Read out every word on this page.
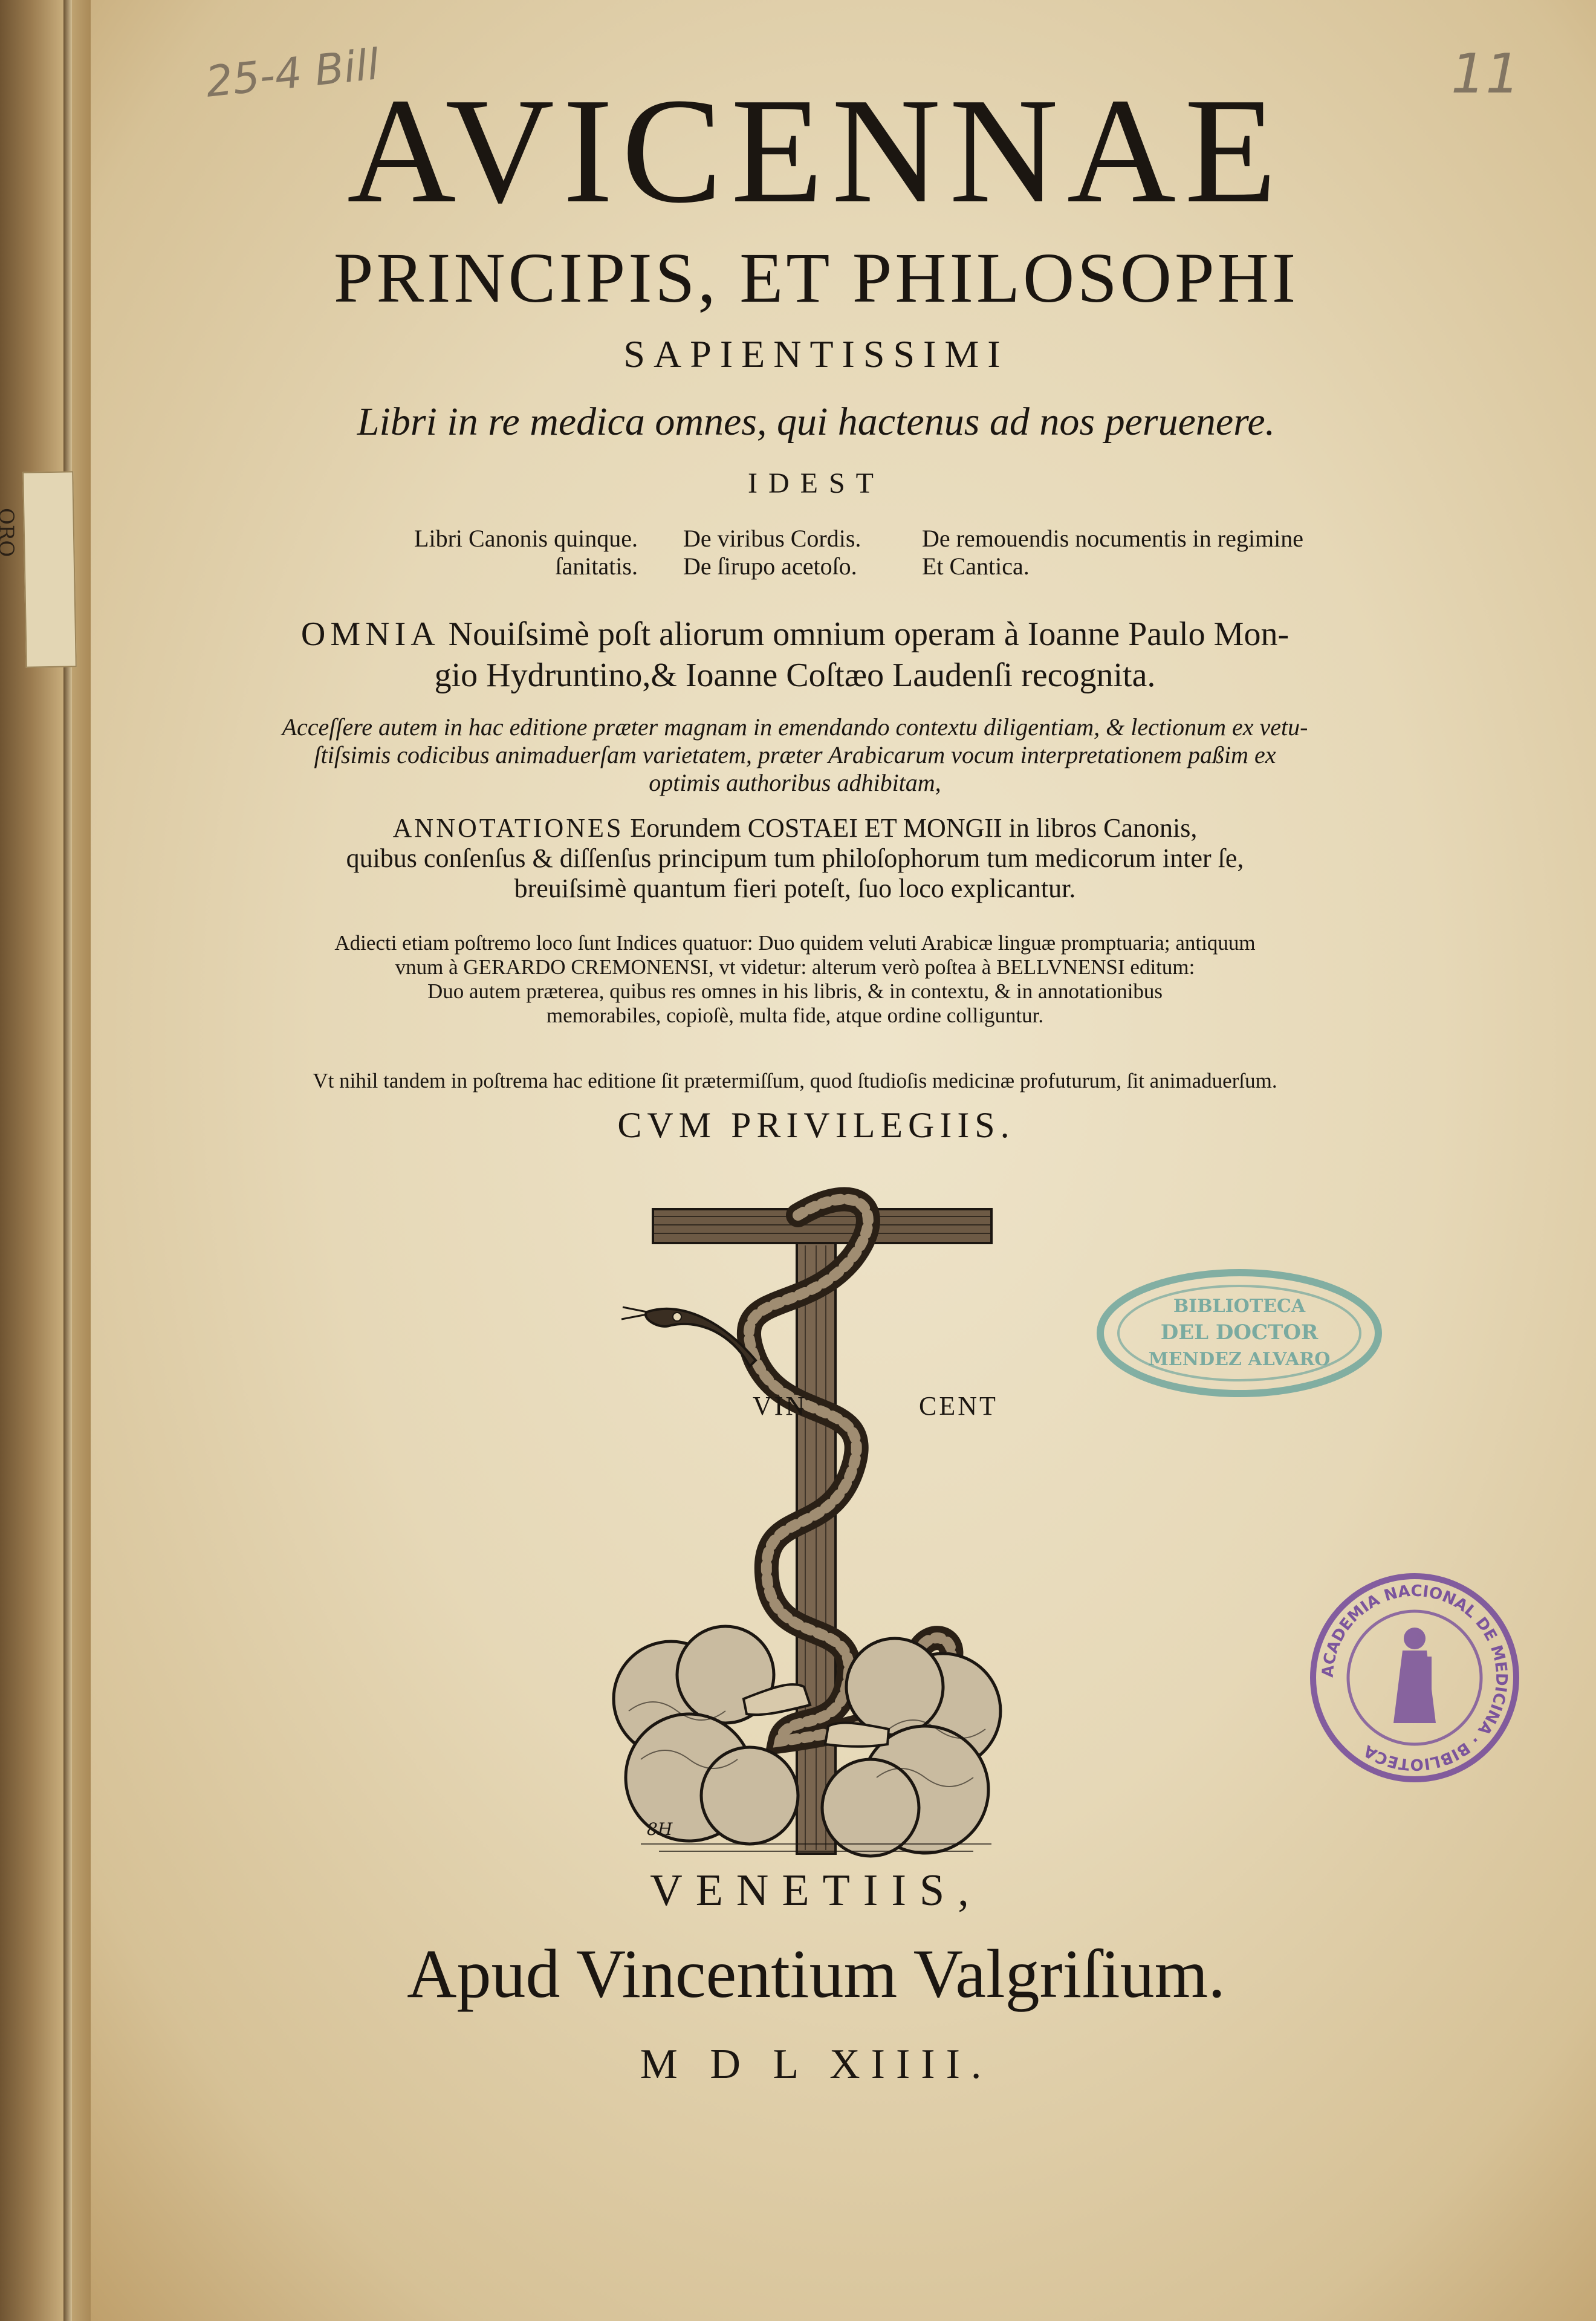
25-4 Bill	11
AVICENNAE
PRINCIPIS, ET PHILOSOPHI
SAPIENTISSIMI
Libri in re medica omnes, qui hactenus ad nos peruenere.
IDEST
Libri Canonis quinque.
ſanitatis.
De viribus Cordis.
De ſirupo acetoſo.
De remouendis nocumentis in regimine
Et Cantica.
OMNIA Nouiſsimè poſt aliorum omnium operam à Ioanne Paulo Mon-
gio Hydruntino,& Ioanne Coſtæo Laudenſi recognita.
Acceſſere autem in hac editione præter magnam in emendando contextu diligentiam, & lectionum ex vetu-
ſtiſsimis codicibus animaduerſam varietatem, præter Arabicarum vocum interpretationem paßim ex
optimis authoribus adhibitam,
ANNOTATIONES Eorundem COSTAEI ET MONGII in libros Canonis,
quibus conſenſus & diſſenſus principum tum philoſophorum tum medicorum inter ſe,
breuiſsimè quantum fieri poteſt, ſuo loco explicantur.
Adiecti etiam poſtremo loco ſunt Indices quatuor: Duo quidem veluti Arabicæ linguæ promptuaria; antiquum
vnum à GERARDO CREMONENSI, vt videtur: alterum verò poſtea à BELLVNENSI editum:
Duo autem præterea, quibus res omnes in his libris, & in contextu, & in annotationibus
memorabiles, copioſè, multa fide, atque ordine colliguntur.
Vt nihil tandem in poſtrema hac editione ſit prætermiſſum, quod ſtudioſis medicinæ profuturum, ſit animaduerſum.
CVM PRIVILEGIIS.
8H
VIN	CENT
BIBLIOTECA
DEL DOCTOR
MENDEZ ALVARO
ACADEMIA NACIONAL DE MEDICINA · BIBLIOTECA
VENETIIS,
Apud Vincentium Valgriſium.
M D L XIIII.
